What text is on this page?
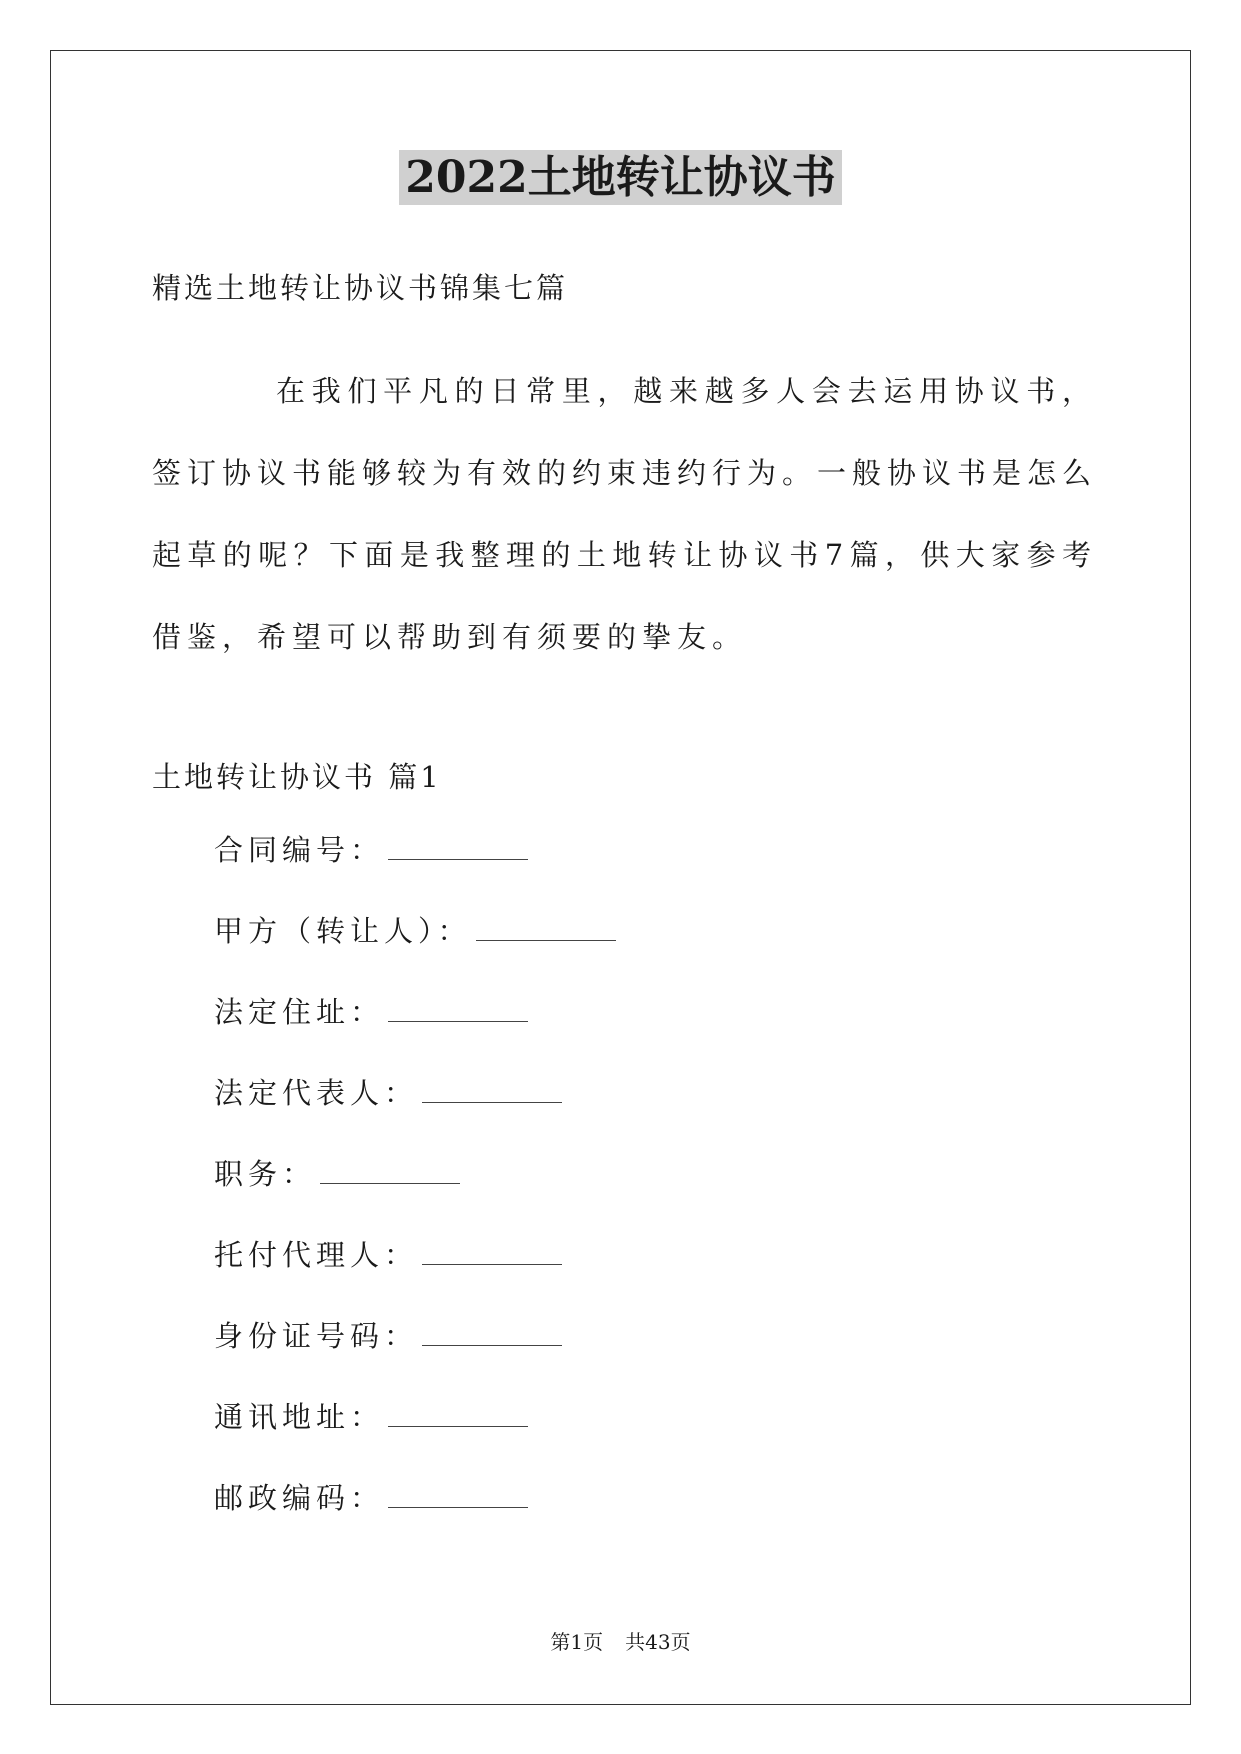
2022土地转让协议书
精选土地转让协议书锦集七篇

在我们平凡的日常里，越来越多人会去运用协议书，签订协议书能够较为有效的约束违约行为。一般协议书是怎么起草的呢？下面是我整理的土地转让协议书7篇，供大家参考借鉴，希望可以帮助到有须要的挚友。

土地转让协议书 篇1
合同编号：
甲方（转让人）：
法定住址：
法定代表人：
职务：
托付代理人：
身份证号码：
通讯地址：
邮政编码：
第1页 共43页
